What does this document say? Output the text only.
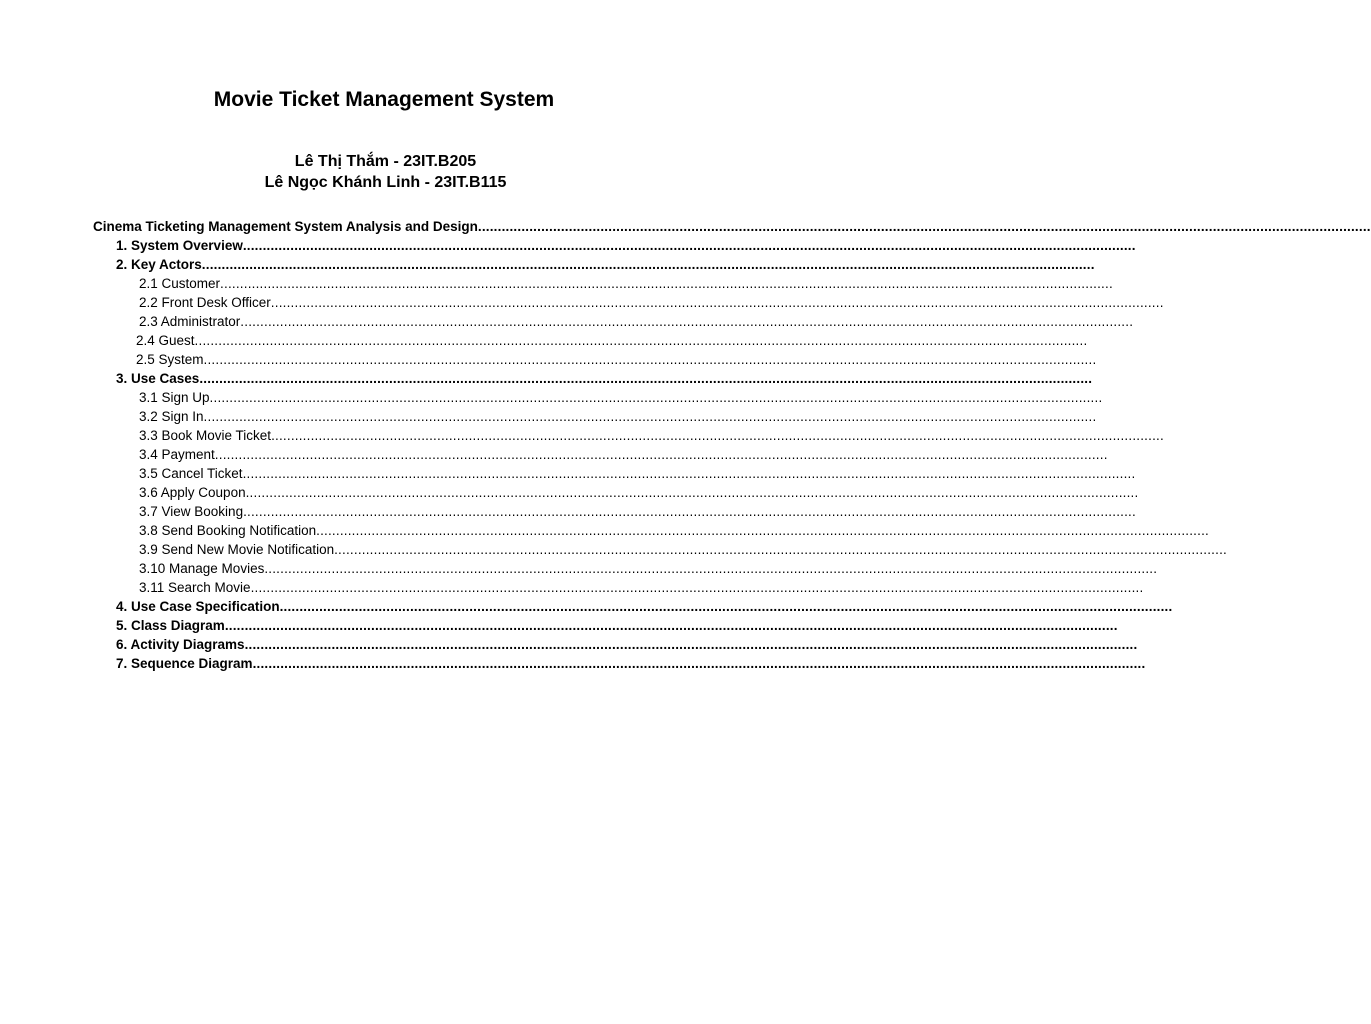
Movie Ticket Management System
Lê Thị Thắm - 23IT.B205
Lê Ngọc Khánh Linh - 23IT.B115
Cinema Ticketing Management System Analysis and Design ..................................................................................................................................................................................................................................
1. System Overview ..................................................................................................................................................................................................................................
2. Key Actors ..................................................................................................................................................................................................................................
2.1 Customer ..................................................................................................................................................................................................................................
2.2 Front Desk Officer ..................................................................................................................................................................................................................................
2.3 Administrator ..................................................................................................................................................................................................................................
2.4 Guest ..................................................................................................................................................................................................................................
2.5 System ..................................................................................................................................................................................................................................
3. Use Cases ..................................................................................................................................................................................................................................
3.1 Sign Up ..................................................................................................................................................................................................................................
3.2 Sign In ..................................................................................................................................................................................................................................
3.3 Book Movie Ticket ..................................................................................................................................................................................................................................
3.4 Payment ..................................................................................................................................................................................................................................
3.5 Cancel Ticket ..................................................................................................................................................................................................................................
3.6 Apply Coupon ..................................................................................................................................................................................................................................
3.7 View Booking ..................................................................................................................................................................................................................................
3.8 Send Booking Notification ..................................................................................................................................................................................................................................
3.9 Send New Movie Notification ..................................................................................................................................................................................................................................
3.10 Manage Movies ..................................................................................................................................................................................................................................
3.11 Search Movie ..................................................................................................................................................................................................................................
4. Use Case Specification ..................................................................................................................................................................................................................................
5. Class Diagram ..................................................................................................................................................................................................................................
6. Activity Diagrams ..................................................................................................................................................................................................................................
7. Sequence Diagram ..................................................................................................................................................................................................................................
